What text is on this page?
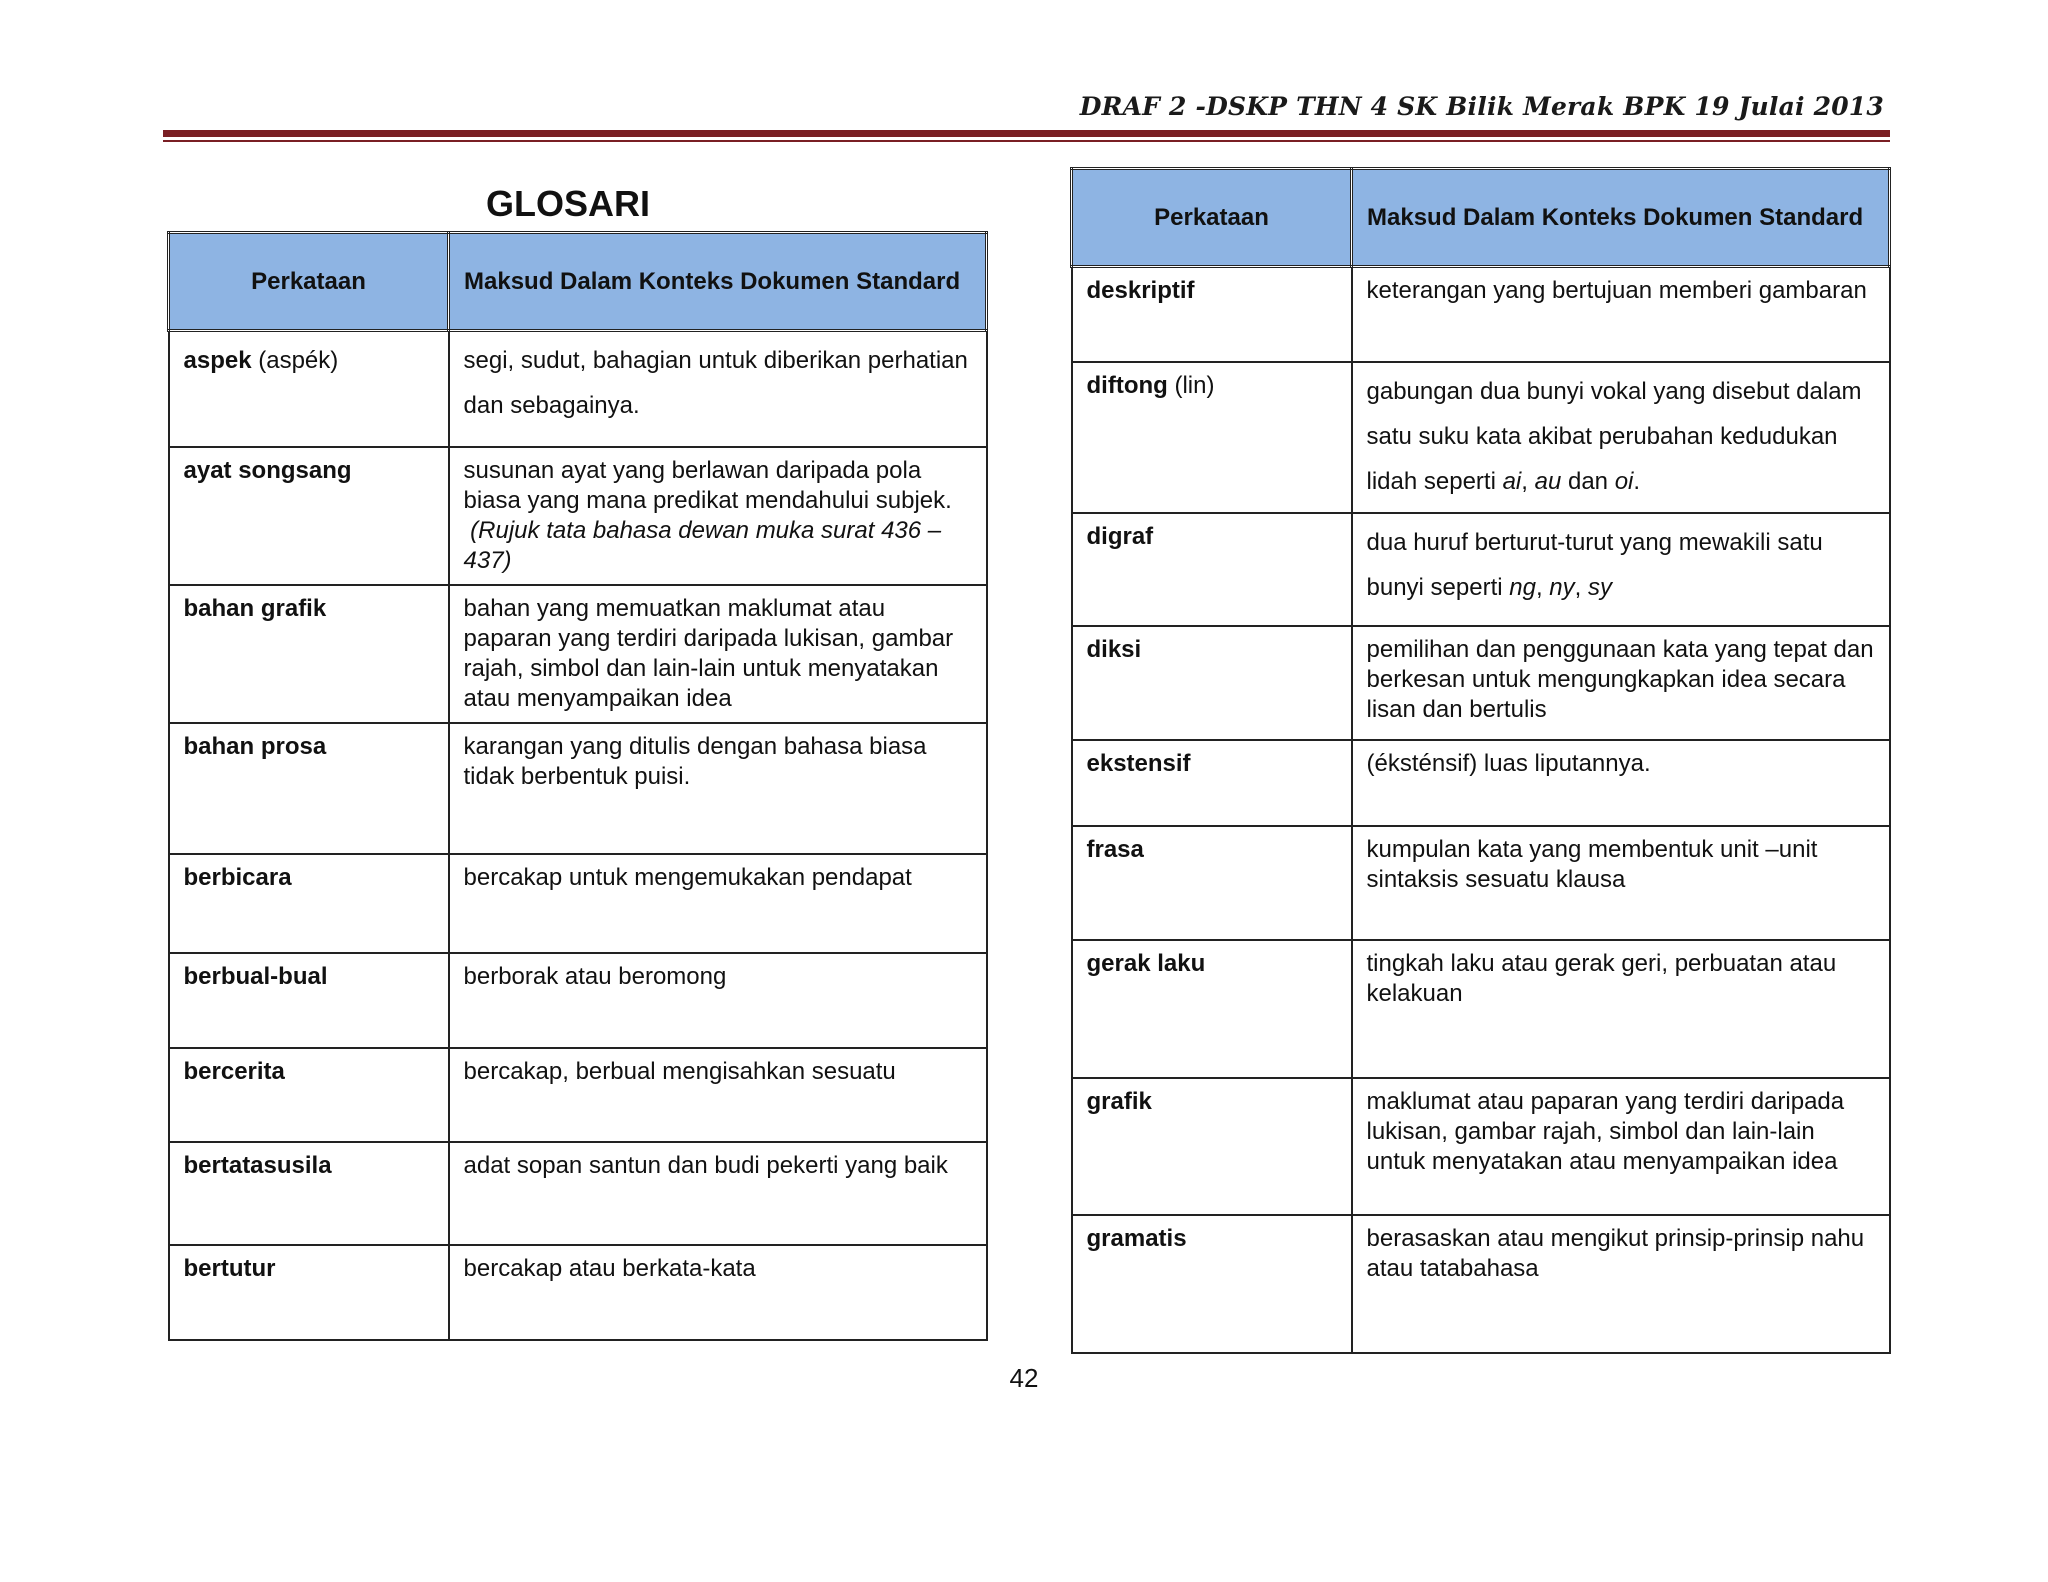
DRAF 2 -DSKP THN 4 SK Bilik Merak BPK 19 Julai 2013
GLOSARI
Perkataan	Maksud Dalam Konteks Dokumen Standard
aspek (aspék)	segi, sudut, bahagian untuk diberikan perhatian dan sebagainya.
ayat songsang	susunan ayat yang berlawan daripada pola biasa yang mana predikat mendahului subjek.  (Rujuk tata bahasa dewan muka surat 436 – 437)
bahan grafik	bahan yang memuatkan maklumat atau paparan yang terdiri daripada lukisan, gambar rajah, simbol dan lain-lain untuk menyatakan atau menyampaikan idea
bahan prosa	karangan yang ditulis dengan bahasa biasa tidak berbentuk puisi.
berbicara	bercakap untuk mengemukakan pendapat
berbual-bual	berborak atau beromong
bercerita	bercakap, berbual mengisahkan sesuatu
bertatasusila	adat sopan santun dan budi pekerti yang baik
bertutur	bercakap atau berkata-kata
Perkataan	Maksud Dalam Konteks Dokumen Standard
deskriptif	keterangan yang bertujuan memberi gambaran
diftong (lin)	gabungan dua bunyi vokal yang disebut dalam satu suku kata akibat perubahan kedudukan lidah seperti ai, au dan oi.
digraf	dua huruf berturut-turut yang mewakili satu bunyi seperti ng, ny, sy
diksi	pemilihan dan penggunaan kata yang tepat dan berkesan untuk mengungkapkan idea secara lisan dan bertulis
ekstensif	(éksténsif) luas liputannya.
frasa	kumpulan kata yang membentuk unit –unit sintaksis sesuatu klausa
gerak laku	tingkah laku atau gerak geri, perbuatan atau kelakuan
grafik	maklumat atau paparan yang terdiri daripada lukisan, gambar rajah, simbol dan lain-lain untuk menyatakan atau menyampaikan idea
gramatis	berasaskan atau mengikut prinsip-prinsip nahu atau tatabahasa
42
